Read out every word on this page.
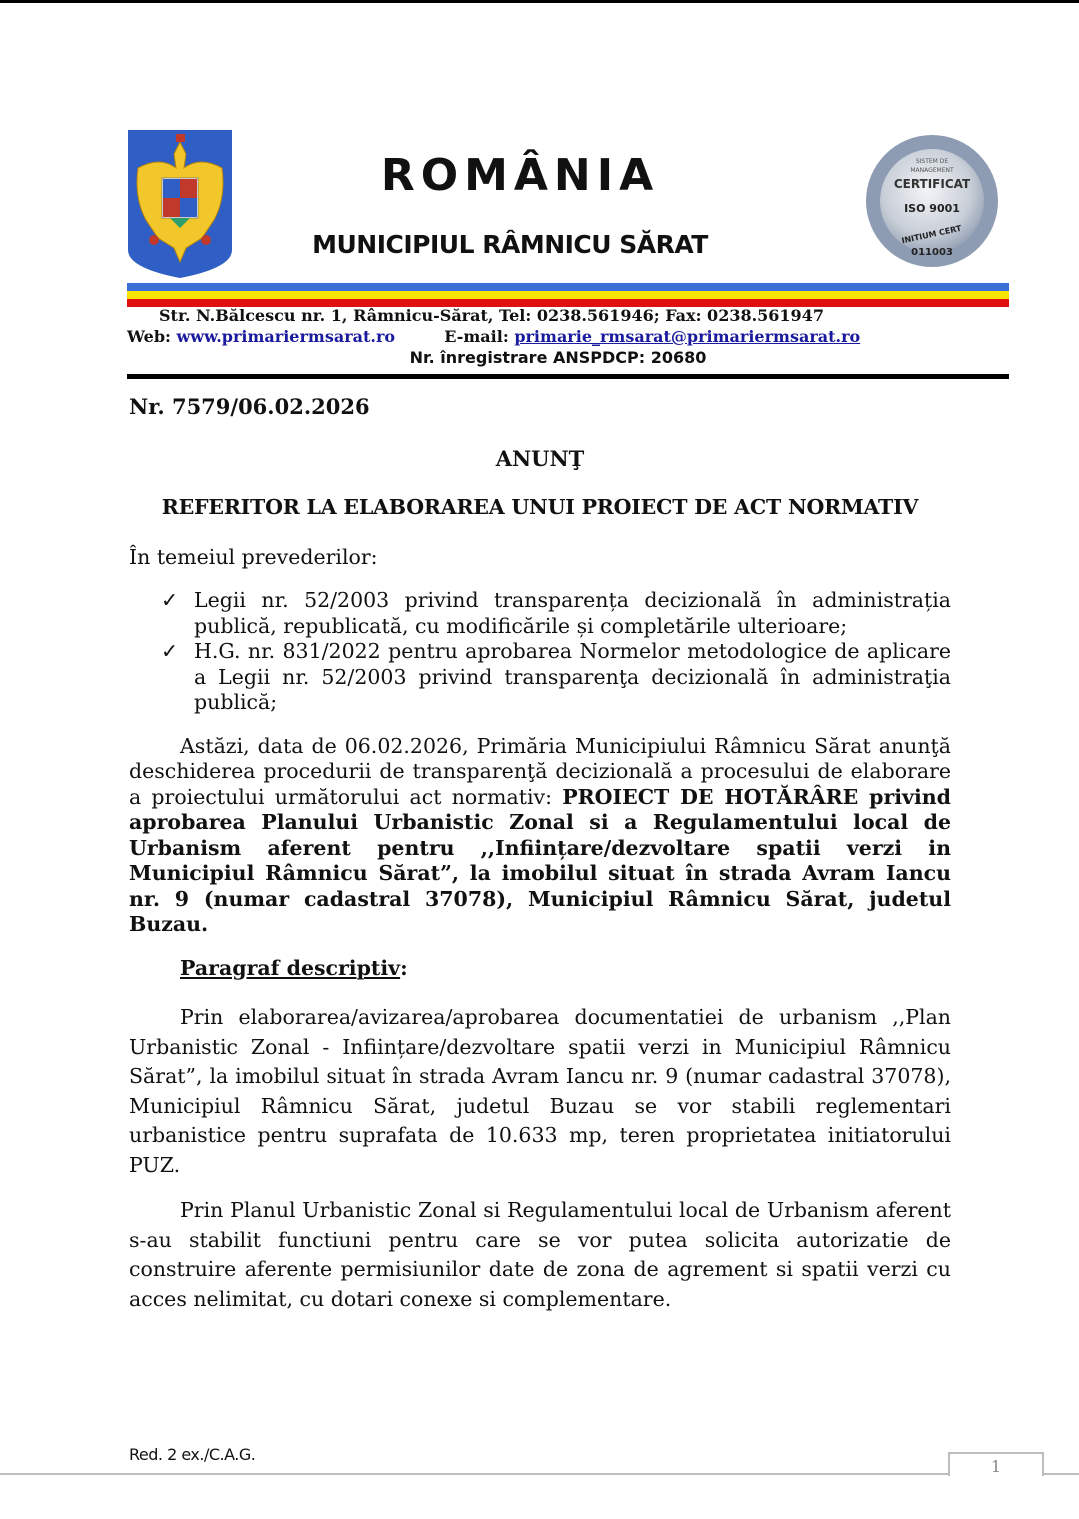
ROMÂNIA
MUNICIPIUL RÂMNICU SĂRAT
SISTEM DE
MANAGEMENT
CERTIFICAT
ISO 9001
INITIUM CERT
011003
Str. N.Bălcescu nr. 1, Râmnicu-Sărat, Tel: 0238.561946; Fax: 0238.561947
Web: www.primariermsarat.ro	E-mail: primarie_rmsarat@primariermsarat.ro
Nr. înregistrare ANSPDCP: 20680
Nr. 7579/06.02.2026
ANUNŢ
REFERITOR LA ELABORAREA UNUI PROIECT DE ACT NORMATIV
În temeiul prevederilor:
✓ Legii nr. 52/2003 privind transparența decizională în administrația publică, republicată, cu modificările și completările ulterioare;
✓ H.G. nr. 831/2022 pentru aprobarea Normelor metodologice de aplicare a Legii nr. 52/2003 privind transparenţa decizională în administraţia publică;

Astăzi, data de 06.02.2026, Primăria Municipiului Râmnicu Sărat anunţă deschiderea procedurii de transparenţă decizională a procesului de elaborare a proiectului următorului act normativ: PROIECT DE HOTĂRÂRE privind aprobarea Planului Urbanistic Zonal si a Regulamentului local de Urbanism aferent pentru ,,Inființare/dezvoltare spatii verzi in Municipiul Râmnicu Sărat”, la imobilul situat în strada Avram Iancu nr. 9 (numar cadastral 37078), Municipiul Râmnicu Sărat, judetul Buzau.

Paragraf descriptiv:

Prin elaborarea/avizarea/aprobarea documentatiei de urbanism ,,Plan Urbanistic Zonal - Inființare/dezvoltare spatii verzi in Municipiul Râmnicu Sărat”, la imobilul situat în strada Avram Iancu nr. 9 (numar cadastral 37078), Municipiul Râmnicu Sărat, judetul Buzau se vor stabili reglementari urbanistice pentru suprafata de 10.633 mp, teren proprietatea initiatorului PUZ.

Prin Planul Urbanistic Zonal si Regulamentului local de Urbanism aferent s-au stabilit functiuni pentru care se vor putea solicita autorizatie de construire aferente permisiunilor date de zona de agrement si spatii verzi cu acces nelimitat, cu dotari conexe si complementare.

Red. 2 ex./C.A.G.
1
